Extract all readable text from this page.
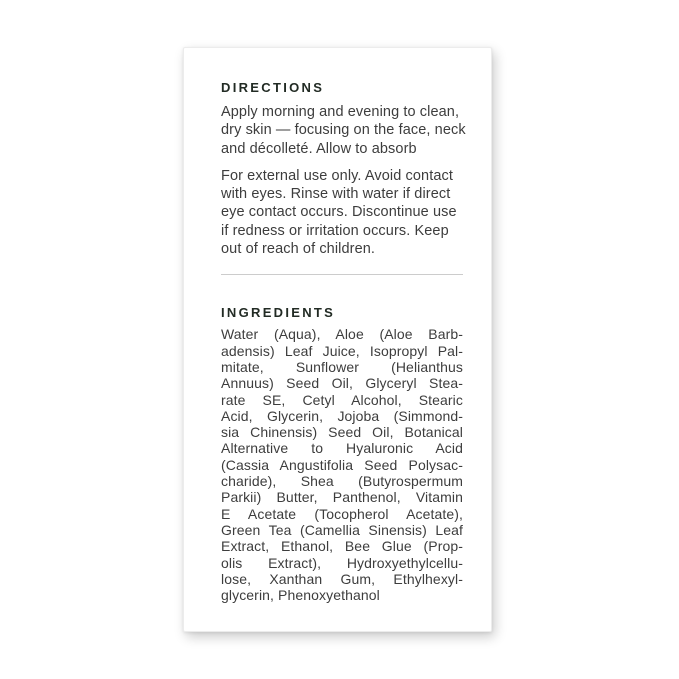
DIRECTIONS
Apply morning and evening to clean,
dry skin — focusing on the face, neck
and décolleté. Allow to absorb
For external use only. Avoid contact
with eyes. Rinse with water if direct
eye contact occurs. Discontinue use
if redness or irritation occurs. Keep
out of reach of children.
INGREDIENTS
Water (Aqua), Aloe (Aloe Barb-
adensis) Leaf Juice, Isopropyl Pal-
mitate, Sunflower (Helianthus
Annuus) Seed Oil, Glyceryl Stea-
rate SE, Cetyl Alcohol, Stearic
Acid, Glycerin, Jojoba (Simmond-
sia Chinensis) Seed Oil, Botanical
Alternative to Hyaluronic Acid
(Cassia Angustifolia Seed Polysac-
charide), Shea (Butyrospermum
Parkii) Butter, Panthenol, Vitamin
E Acetate (Tocopherol Acetate),
Green Tea (Camellia Sinensis) Leaf
Extract, Ethanol, Bee Glue (Prop-
olis Extract), Hydroxyethylcellu-
lose, Xanthan Gum, Ethylhexyl-
glycerin, Phenoxyethanol
